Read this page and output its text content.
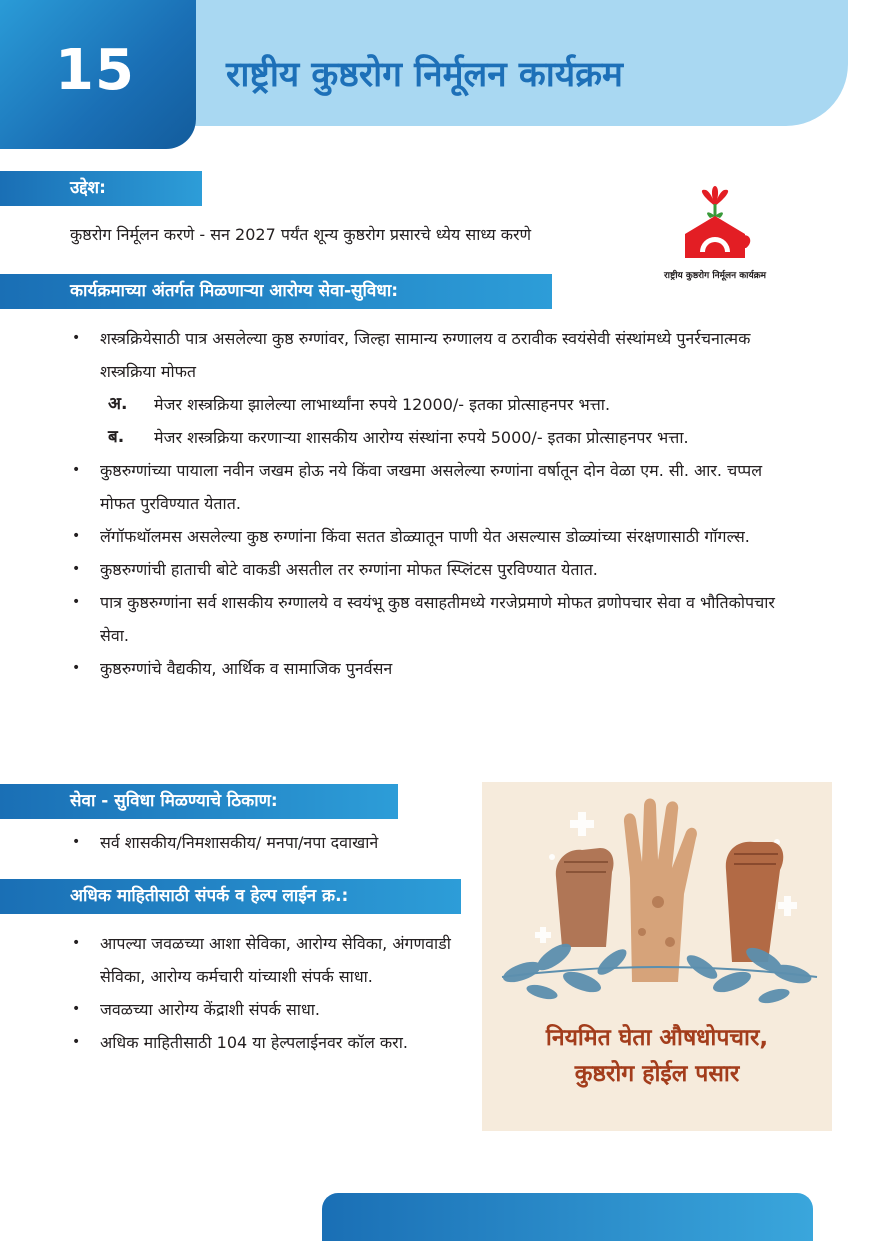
15	राष्ट्रीय कुष्ठरोग निर्मूलन कार्यक्रम
उद्देश:
कुष्ठरोग निर्मूलन करणे - सन 2027 पर्यंत शून्य कुष्ठरोग प्रसारचे ध्येय साध्य करणे
राष्ट्रीय कुष्ठरोग निर्मूलन कार्यक्रम
कार्यक्रमाच्या अंतर्गत मिळणाऱ्या आरोग्य सेवा-सुविधा:
• शस्त्रक्रियेसाठी पात्र असलेल्या कुष्ठ रुग्णांवर, जिल्हा सामान्य रुग्णालय व ठरावीक स्वयंसेवी संस्थांमध्ये पुनर्रचनात्मक शस्त्रक्रिया मोफत
अ. मेजर शस्त्रक्रिया झालेल्या लाभार्थ्यांना रुपये 12000/- इतका प्रोत्साहनपर भत्ता.
ब. मेजर शस्त्रक्रिया करणाऱ्या शासकीय आरोग्य संस्थांना रुपये 5000/- इतका प्रोत्साहनपर भत्ता.
• कुष्ठरुग्णांच्या पायाला नवीन जखम होऊ नये किंवा जखमा असलेल्या रुग्णांना वर्षातून दोन वेळा एम. सी. आर. चप्पल मोफत पुरविण्यात येतात.
• लॅगॉफथॉलमस असलेल्या कुष्ठ रुग्णांना किंवा सतत डोळ्यातून पाणी येत असल्यास डोळ्यांच्या संरक्षणासाठी गॉगल्स.
• कुष्ठरुग्णांची हाताची बोटे वाकडी असतील तर रुग्णांना मोफत स्प्लिंटस पुरविण्यात येतात.
• पात्र कुष्ठरुग्णांना सर्व शासकीय रुग्णालये व स्वयंभू कुष्ठ वसाहतीमध्ये गरजेप्रमाणे मोफत व्रणोपचार सेवा व भौतिकोपचार सेवा.
• कुष्ठरुग्णांचे वैद्यकीय, आर्थिक व सामाजिक पुनर्वसन
सेवा - सुविधा मिळण्याचे ठिकाण:
• सर्व शासकीय/निमशासकीय/ मनपा/नपा दवाखाने
अधिक माहितीसाठी संपर्क व हेल्प लाईन क्र.:
• आपल्या जवळच्या आशा सेविका, आरोग्य सेविका, अंगणवाडी सेविका, आरोग्य कर्मचारी यांच्याशी संपर्क साधा.
• जवळच्या आरोग्य केंद्राशी संपर्क साधा.
• अधिक माहितीसाठी 104 या हेल्पलाईनवर कॉल करा.	नियमित घेता औषधोपचार,
कुष्ठरोग होईल पसार
